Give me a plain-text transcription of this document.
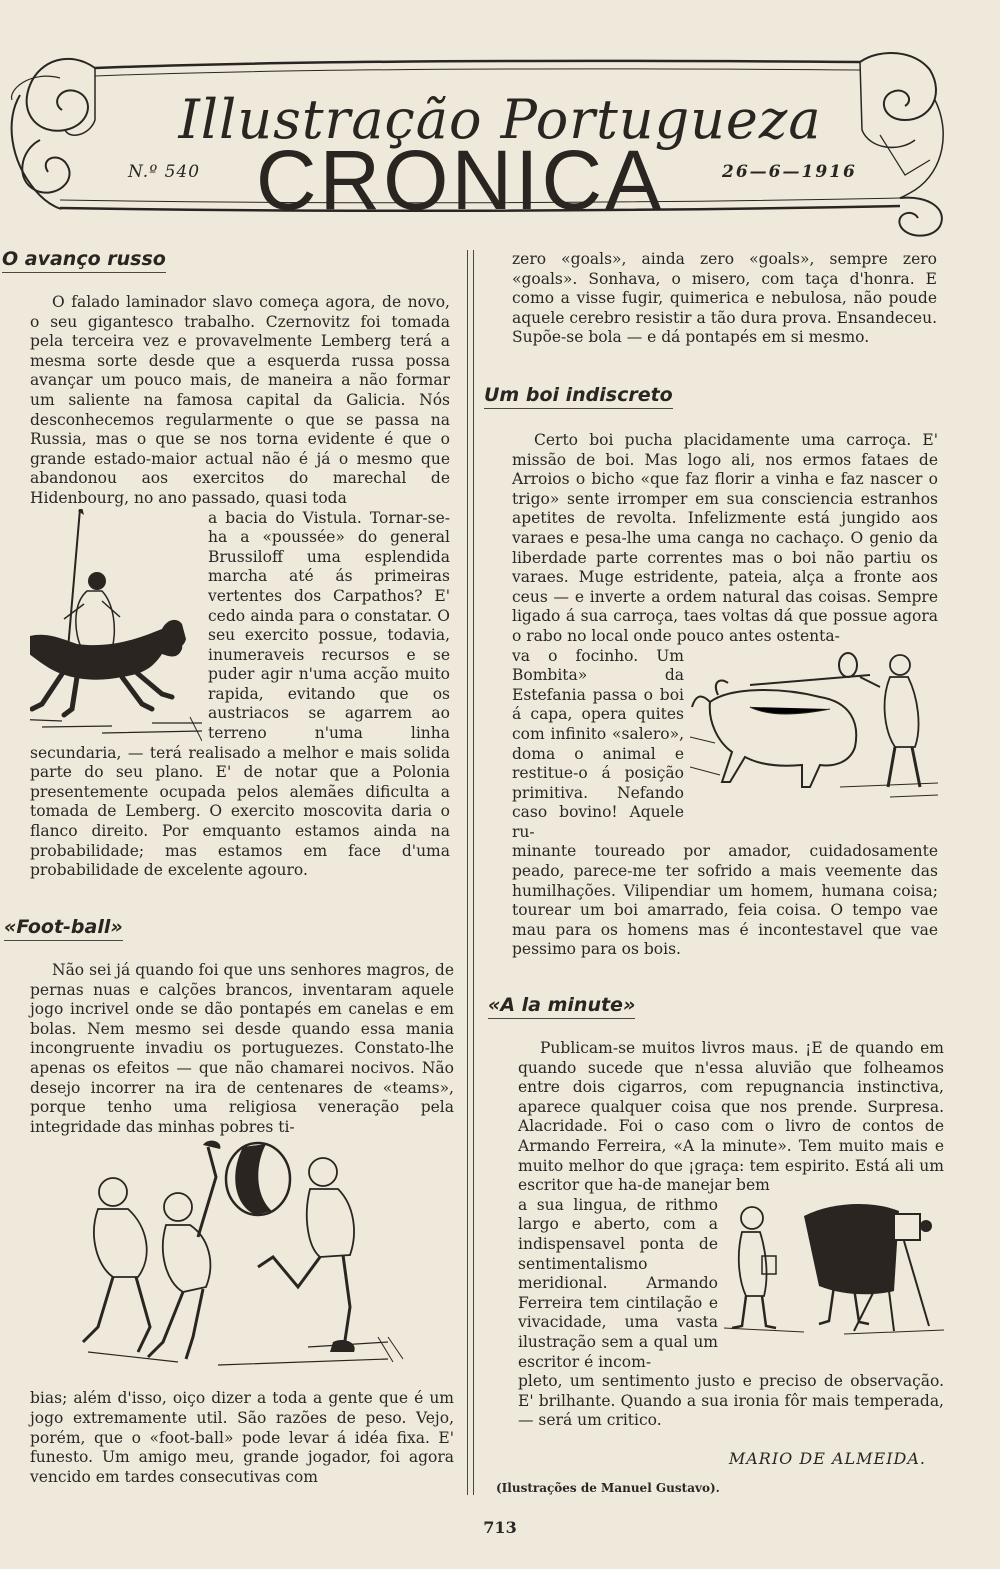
Illustração Portugueza
CRONICA
N.º 540	26—6—1916
O avanço russo

O falado laminador slavo começa agora, de novo, o seu gigantesco trabalho. Czernovitz foi tomada pela terceira vez e provavelmente Lemberg terá a mesma sorte desde que a esquerda russa possa avançar um pouco mais, de maneira a não formar um saliente na famosa capital da Galicia. Nós desconhecemos regularmente o que se passa na Russia, mas o que se nos torna evidente é que o grande estado-maior actual não é já o mesmo que abandonou aos exercitos do marechal de Hidenbourg, no ano passado, quasi toda

a bacia do Vistula. Tornar-se-ha a «poussée» do general Brussiloff uma esplendida marcha até ás primeiras vertentes dos Carpathos? E' cedo ainda para o constatar. O seu exercito possue, todavia, inumeraveis recursos e se puder agir n'uma acção muito rapida, evitando que os austriacos se agarrem ao terreno n'uma linha secundaria, — terá realisado a melhor e mais solida parte do seu plano. E' de notar que a Polonia presentemente ocupada pelos alemães dificulta a tomada de Lemberg. O exercito moscovita daria o flanco direito. Por emquanto estamos ainda na probabilidade; mas estamos em face d'uma probabilidade de excelente agouro.

«Foot-ball»

Não sei já quando foi que uns senhores magros, de pernas nuas e calções brancos, inventaram aquele jogo incrivel onde se dão pontapés em canelas e em bolas. Nem mesmo sei desde quando essa mania incongruente invadiu os portuguezes. Constato-lhe apenas os efeitos — que não chamarei nocivos. Não desejo incorrer na ira de centenares de «teams», porque tenho uma religiosa veneração pela integridade das minhas pobres ti-

bias; além d'isso, oiço dizer a toda a gente que é um jogo extremamente util. São razões de peso. Vejo, porém, que o «foot-ball» pode levar á idéa fixa. E' funesto. Um amigo meu, grande jogador, foi agora vencido em tardes consecutivas com

zero «goals», ainda zero «goals», sempre zero «goals». Sonhava, o misero, com taça d'honra. E como a visse fugir, quimerica e nebulosa, não poude aquele cerebro resistir a tão dura prova. Ensandeceu. Supõe-se bola — e dá pontapés em si mesmo.

Um boi indiscreto

Certo boi pucha placidamente uma carroça. E' missão de boi. Mas logo ali, nos ermos fataes de Arroios o bicho «que faz florir a vinha e faz nascer o trigo» sente irromper em sua consciencia estranhos apetites de revolta. Infelizmente está jungido aos varaes e pesa-lhe uma canga no cachaço. O genio da liberdade parte correntes mas o boi não partiu os varaes. Muge estridente, pateia, alça a fronte aos ceus — e inverte a ordem natural das coisas. Sempre ligado á sua carroça, taes voltas dá que possue agora o rabo no local onde pouco antes ostenta-

va o focinho. Um Bombita» da Estefania passa o boi á capa, opera quites com infinito «salero», doma o animal e restitue-o á posição primitiva. Nefando caso bovino! Aquele ru-

minante toureado por amador, cuidadosamente peado, parece-me ter sofrido a mais veemente das humilhações. Vilipendiar um homem, humana coisa; tourear um boi amarrado, feia coisa. O tempo vae mau para os homens mas é incontestavel que vae pessimo para os bois.

«A la minute»

Publicam-se muitos livros maus. ¡E de quando em quando sucede que n'essa aluvião que folheamos entre dois cigarros, com repugnancia instinctiva, aparece qualquer coisa que nos prende. Surpresa. Alacridade. Foi o caso com o livro de contos de Armando Ferreira, «A la minute». Tem muito mais e muito melhor do que ¡graça: tem espirito. Está ali um escritor que ha-de manejar bem

a sua lingua, de rithmo largo e aberto, com a indispensavel ponta de sentimentalismo meridional. Armando Ferreira tem cintilação e vivacidade, uma vasta ilustração sem a qual um escritor é incom-

pleto, um sentimento justo e preciso de observação. E' brilhante. Quando a sua ironia fôr mais temperada, — será um critico.

MARIO DE ALMEIDA.
(Ilustrações de Manuel Gustavo).
713
